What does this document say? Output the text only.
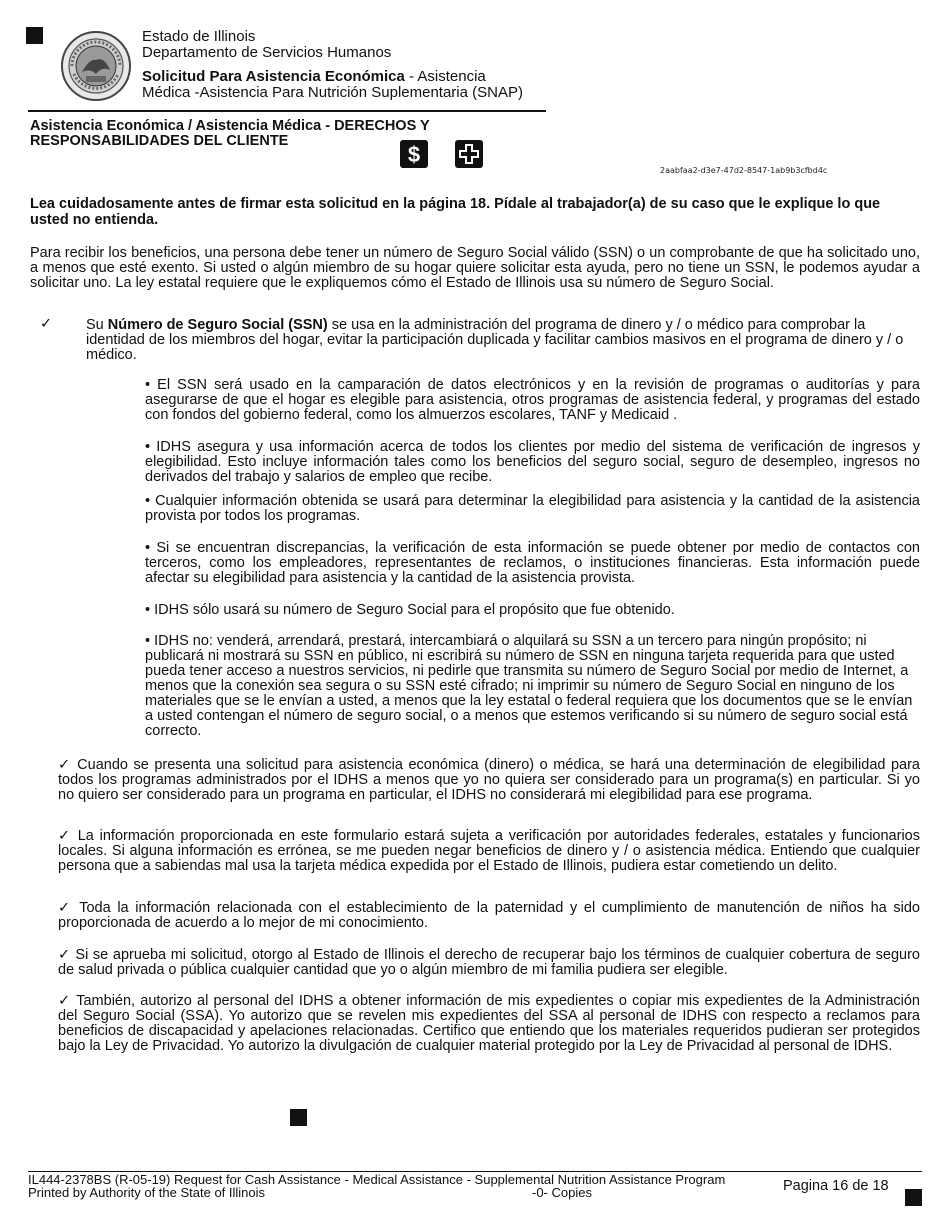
Estado de Illinois
Departamento de Servicios Humanos
Solicitud Para Asistencia Económica - Asistencia
Médica -Asistencia Para Nutrición Suplementaria (SNAP)
Asistencia Económica / Asistencia Médica - DERECHOS Y RESPONSABILIDADES DEL CLIENTE
$
2aabfaa2-d3e7-47d2-8547-1ab9b3cfbd4c
Lea cuidadosamente antes de firmar esta solicitud en la página 18. Pídale al trabajador(a) de su caso que le explique lo que usted no entienda.
Para recibir los beneficios, una persona debe tener un número de Seguro Social válido (SSN) o un comprobante de que ha solicitado uno, a menos que esté exento. Si usted o algún miembro de su hogar quiere solicitar esta ayuda, pero no tiene un SSN, le podemos ayudar a solicitar uno. La ley estatal requiere que le expliquemos cómo el Estado de Illinois usa su número de Seguro Social.
✓ Su Número de Seguro Social (SSN) se usa en la administración del programa de dinero y / o médico para comprobar la identidad de los miembros del hogar, evitar la participación duplicada y facilitar cambios masivos en el programa de dinero y / o médico.
• El SSN será usado en la camparación de datos electrónicos y en la revisión de programas o auditorías y para asegurarse de que el hogar es elegible para asistencia, otros programas de asistencia federal, y programas del estado con fondos del gobierno federal, como los almuerzos escolares, TANF y Medicaid .
• IDHS asegura y usa información acerca de todos los clientes por medio del sistema de verificación de ingresos y elegibilidad. Esto incluye información tales como los beneficios del seguro social, seguro de desempleo, ingresos no derivados del trabajo y salarios de empleo que recibe.
• Cualquier información obtenida se usará para determinar la elegibilidad para asistencia y la cantidad de la asistencia provista por todos los programas.
• Si se encuentran discrepancias, la verificación de esta información se puede obtener por medio de contactos con terceros, como los empleadores, representantes de reclamos, o instituciones financieras. Esta información puede afectar su elegibilidad para asistencia y la cantidad de la asistencia provista.
• IDHS sólo usará su número de Seguro Social para el propósito que fue obtenido.
• IDHS no: venderá, arrendará, prestará, intercambiará o alquilará su SSN a un tercero para ningún propósito; ni publicará ni mostrará su SSN en público, ni escribirá su número de SSN en ninguna tarjeta requerida para que usted pueda tener acceso a nuestros servicios, ni pedirle que transmita su número de Seguro Social por medio de Internet, a menos que la conexión sea segura o su SSN esté cifrado; ni imprimir su número de Seguro Social en ninguno de los materiales que se le envían a usted, a menos que la ley estatal o federal requiera que los documentos que se le envían a usted contengan el número de seguro social, o a menos que estemos verificando si su número de seguro social está correcto.
✓ Cuando se presenta una solicitud para asistencia económica (dinero) o médica, se hará una determinación de elegibilidad para todos los programas administrados por el IDHS a menos que yo no quiera ser considerado para un programa(s) en particular. Si yo no quiero ser considerado para un programa en particular, el IDHS no considerará mi elegibilidad para ese programa.
✓ La información proporcionada en este formulario estará sujeta a verificación por autoridades federales, estatales y funcionarios locales. Si alguna información es errónea, se me pueden negar beneficios de dinero y / o asistencia médica. Entiendo que cualquier persona que a sabiendas mal usa la tarjeta médica expedida por el Estado de Illinois, pudiera estar cometiendo un delito.
✓ Toda la información relacionada con el establecimiento de la paternidad y el cumplimiento de manutención de niños ha sido proporcionada de acuerdo a lo mejor de mi conocimiento.
✓ Si se aprueba mi solicitud, otorgo al Estado de Illinois el derecho de recuperar bajo los términos de cualquier cobertura de seguro de salud privada o pública cualquier cantidad que yo o algún miembro de mi familia pudiera ser elegible.
✓ También, autorizo al personal del IDHS a obtener información de mis expedientes o copiar mis expedientes de la Administración del Seguro Social (SSA). Yo autorizo que se revelen mis expedientes del SSA al personal de IDHS con respecto a reclamos para beneficios de discapacidad y apelaciones relacionadas. Certifico que entiendo que los materiales requeridos pudieran ser protegidos bajo la Ley de Privacidad. Yo autorizo la divulgación de cualquier material protegido por la Ley de Privacidad al personal de IDHS.
IL444-2378BS (R-05-19) Request for Cash Assistance - Medical Assistance - Supplemental Nutrition Assistance Program
Printed by Authority of the State of Illinois	-0- Copies	Pagina 16 de 18
